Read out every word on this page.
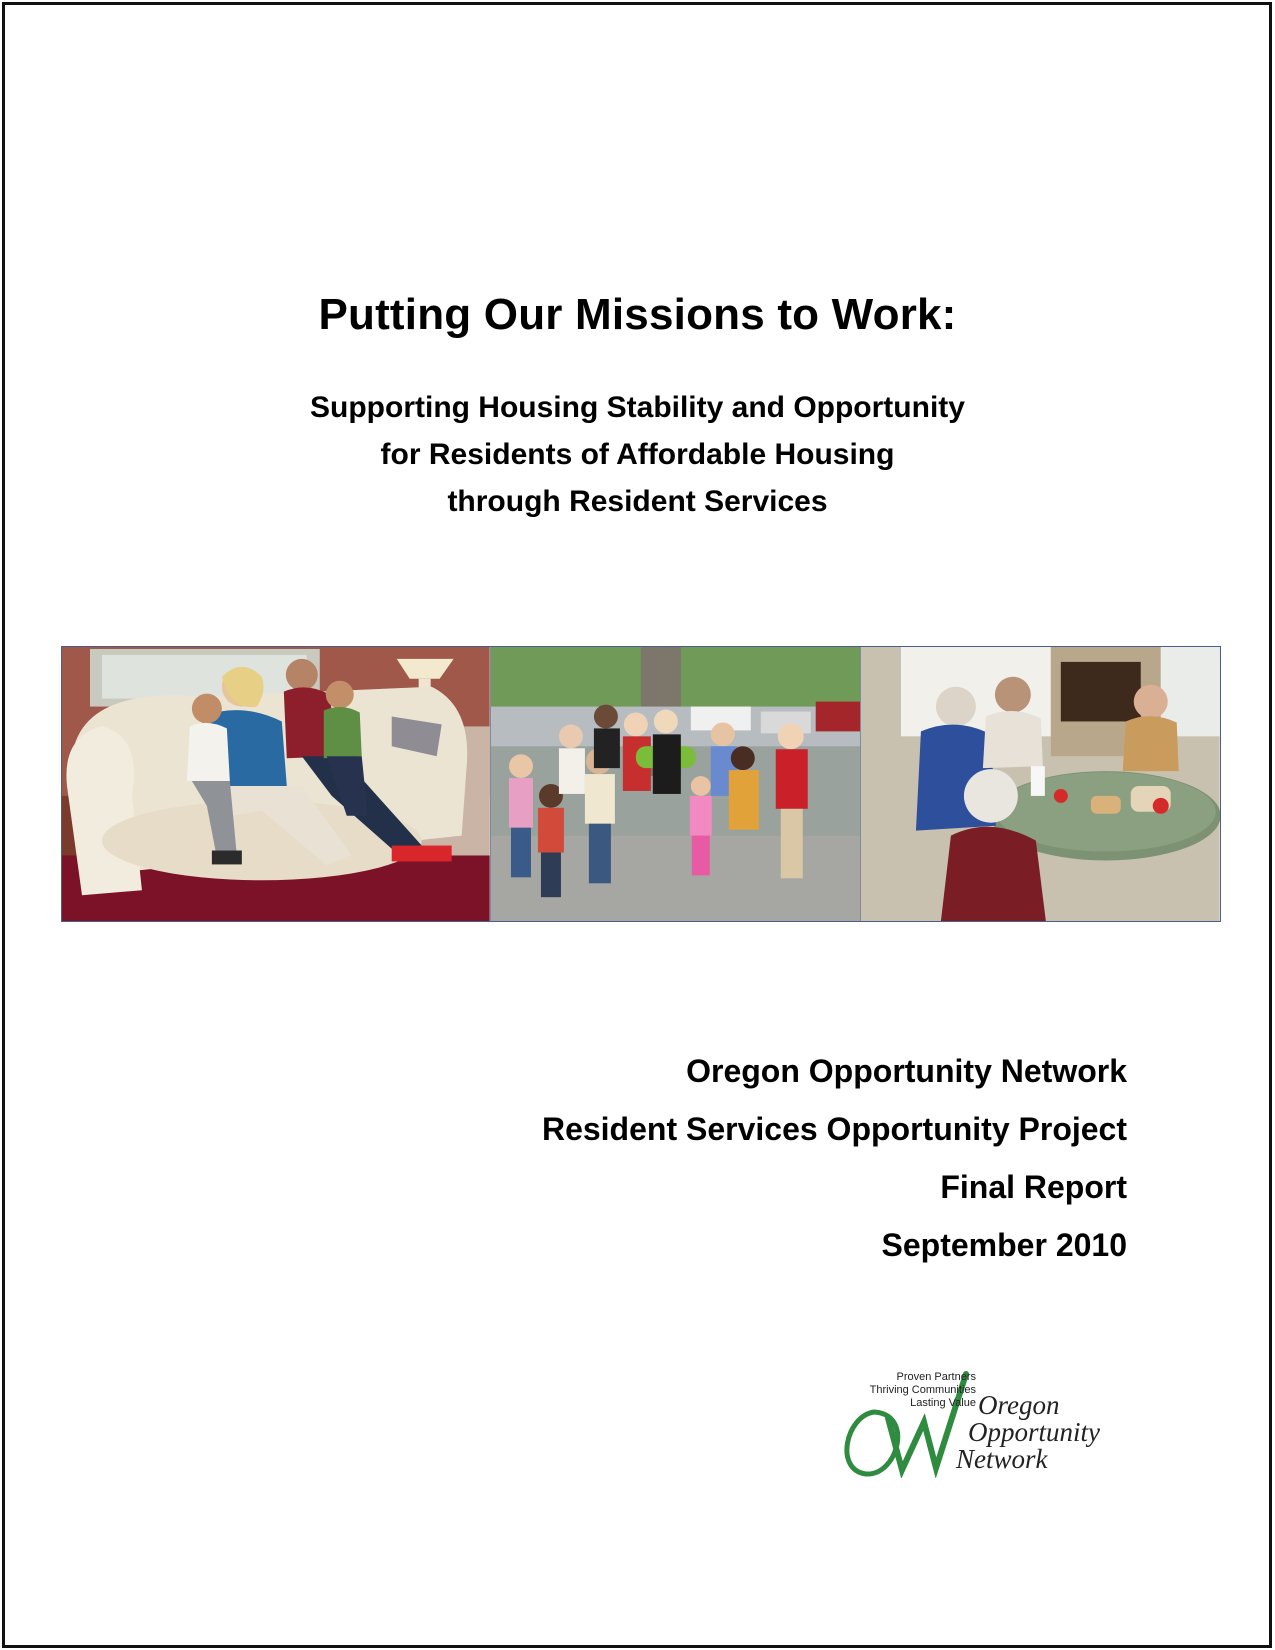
Putting Our Missions to Work:
Supporting Housing Stability and Opportunity
for Residents of Affordable Housing
through Resident Services
Oregon Opportunity Network
Resident Services Opportunity Project
Final Report
September 2010
Proven Partners
Thriving Communities
Lasting Value Oregon
Opportunity
Network
